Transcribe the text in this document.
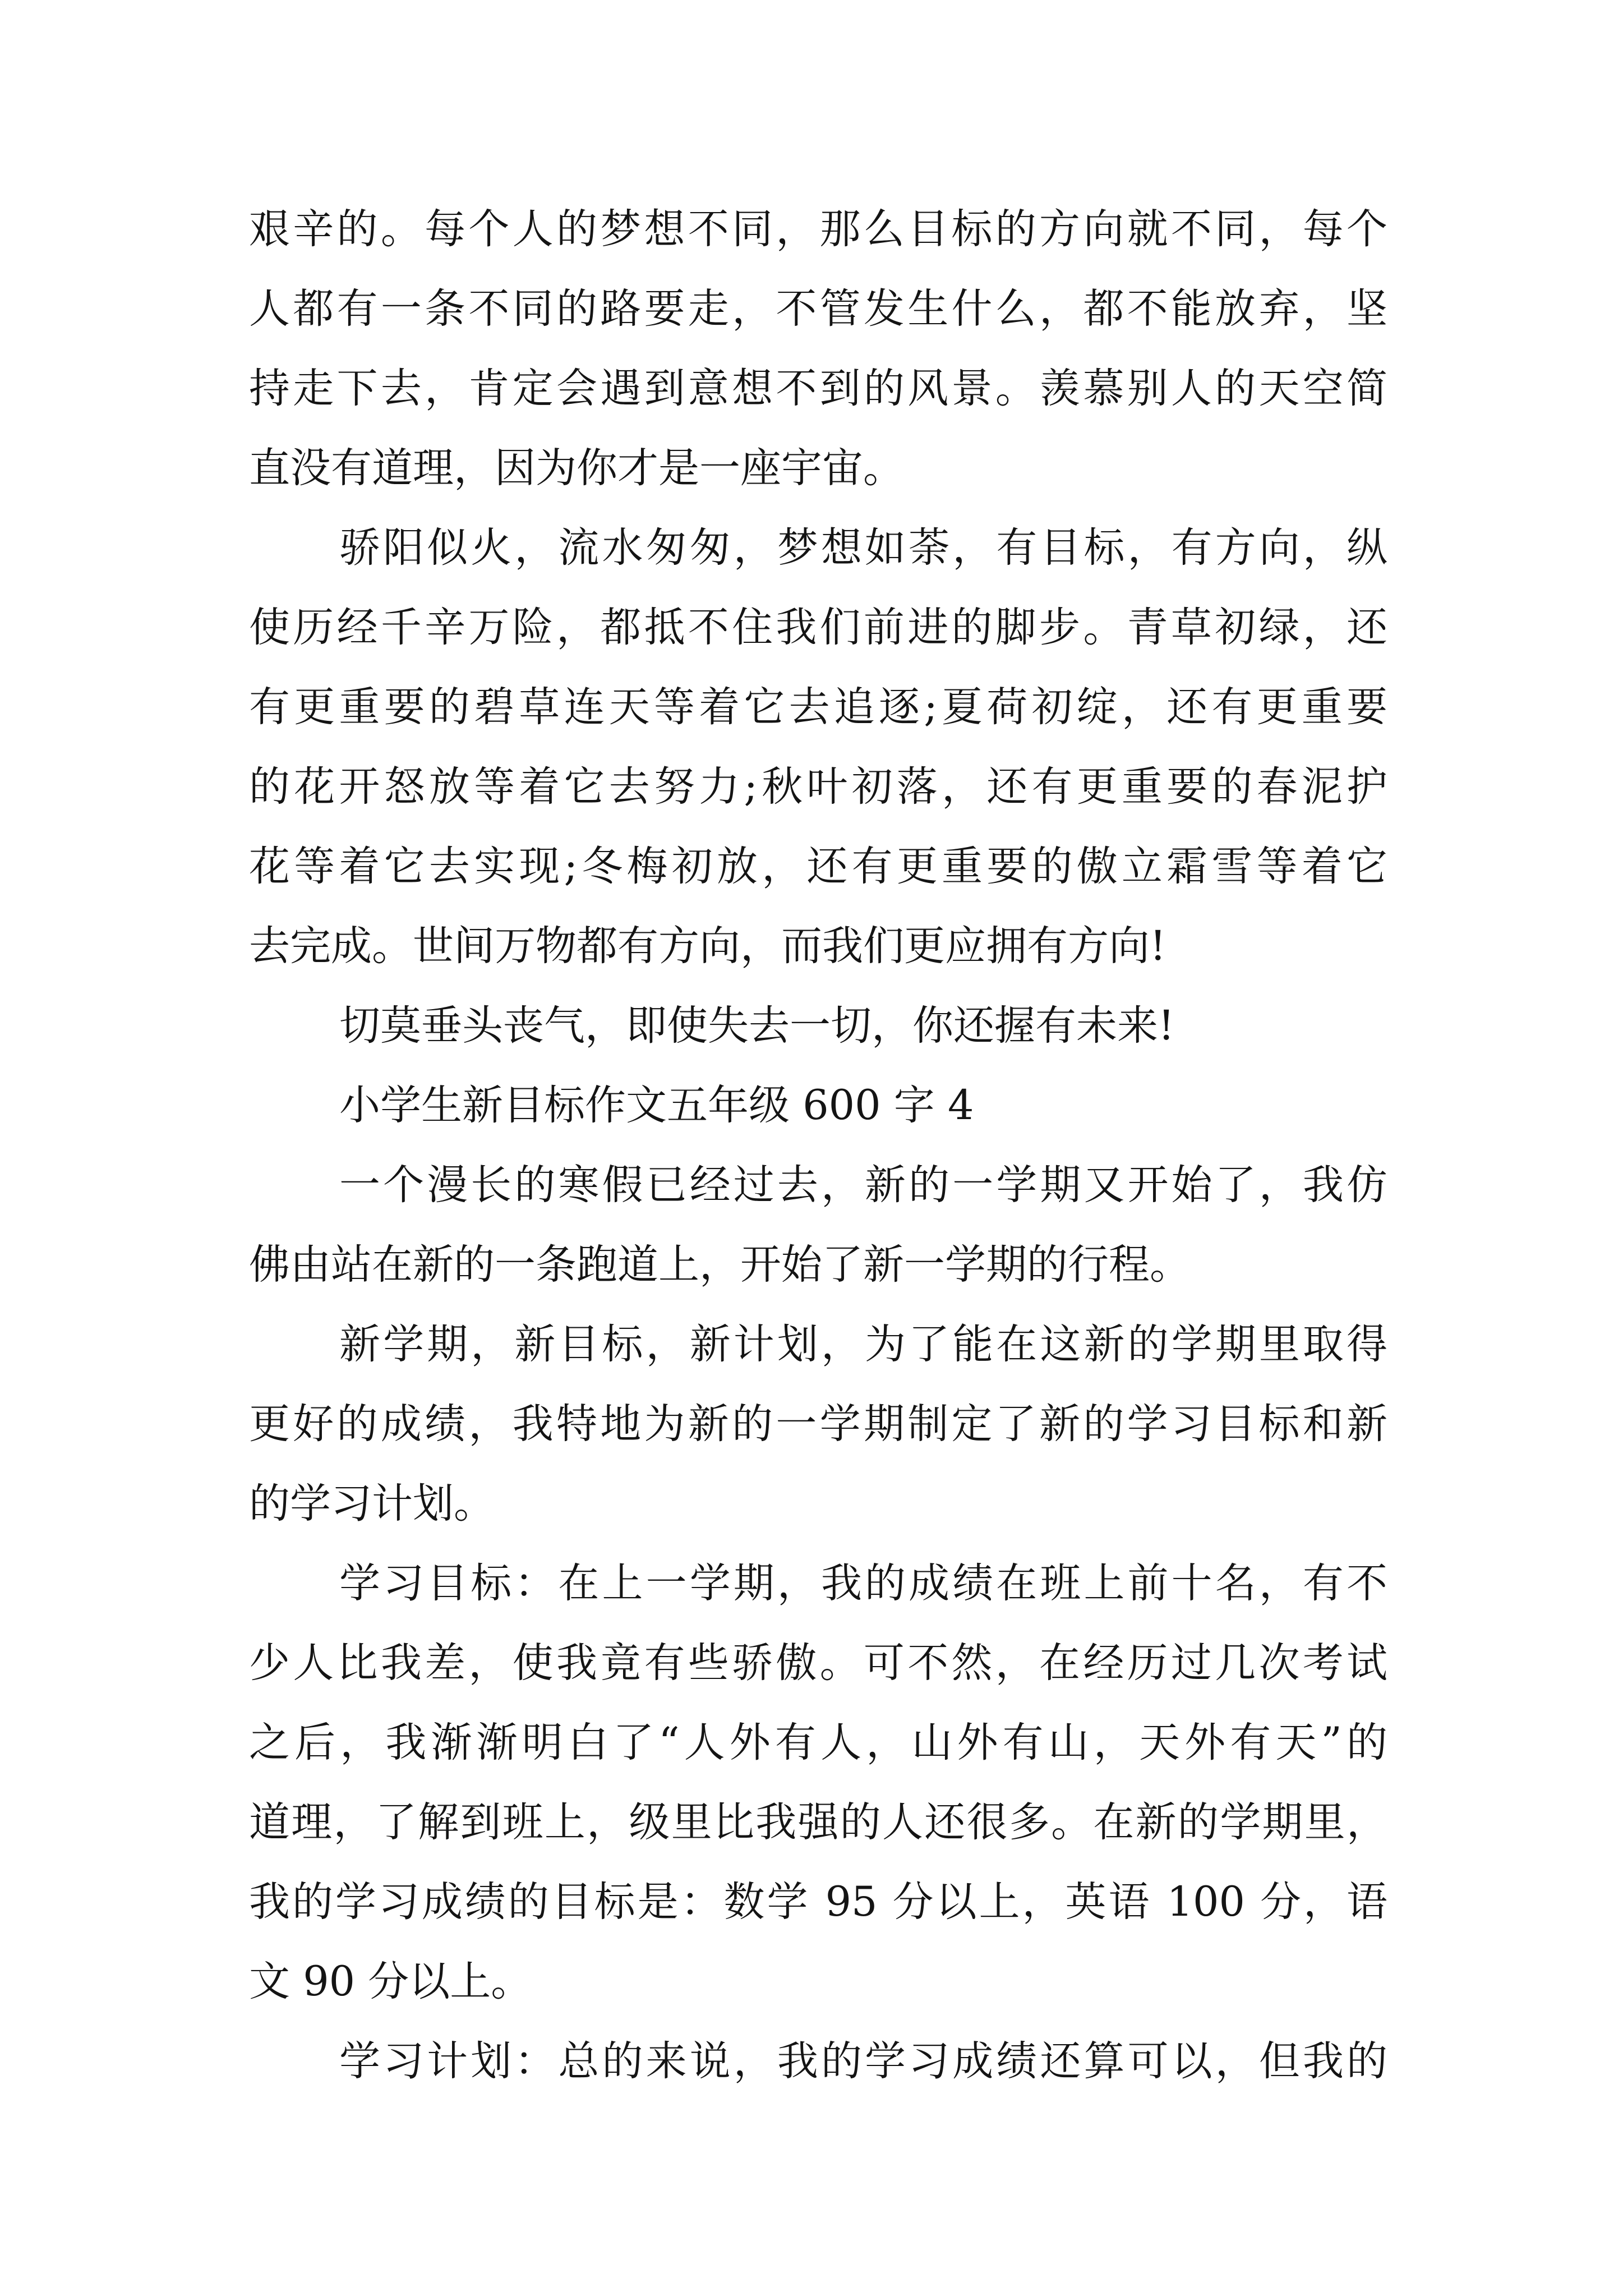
艰辛的。每个人的梦想不同，那么目标的方向就不同，每个
人都有一条不同的路要走，不管发生什么，都不能放弃，坚
持走下去，肯定会遇到意想不到的风景。羡慕别人的天空简
直没有道理，因为你才是一座宇宙。
骄阳似火，流水匆匆，梦想如荼，有目标，有方向，纵
使历经千辛万险，都抵不住我们前进的脚步。青草初绿，还
有更重要的碧草连天等着它去追逐;夏荷初绽，还有更重要
的花开怒放等着它去努力;秋叶初落，还有更重要的春泥护
花等着它去实现;冬梅初放，还有更重要的傲立霜雪等着它
去完成。世间万物都有方向，而我们更应拥有方向!
切莫垂头丧气，即使失去一切，你还握有未来!
小学生新目标作文五年级 600 字 4
一个漫长的寒假已经过去，新的一学期又开始了，我仿
佛由站在新的一条跑道上，开始了新一学期的行程。
新学期，新目标，新计划，为了能在这新的学期里取得
更好的成绩，我特地为新的一学期制定了新的学习目标和新
的学习计划。
学习目标：在上一学期，我的成绩在班上前十名，有不
少人比我差，使我竟有些骄傲。可不然，在经历过几次考试
之后，我渐渐明白了“人外有人，山外有山，天外有天”的
道理，了解到班上，级里比我强的人还很多。在新的学期里，
我的学习成绩的目标是：数学 95 分以上，英语 100 分，语
文 90 分以上。
学习计划：总的来说，我的学习成绩还算可以，但我的
